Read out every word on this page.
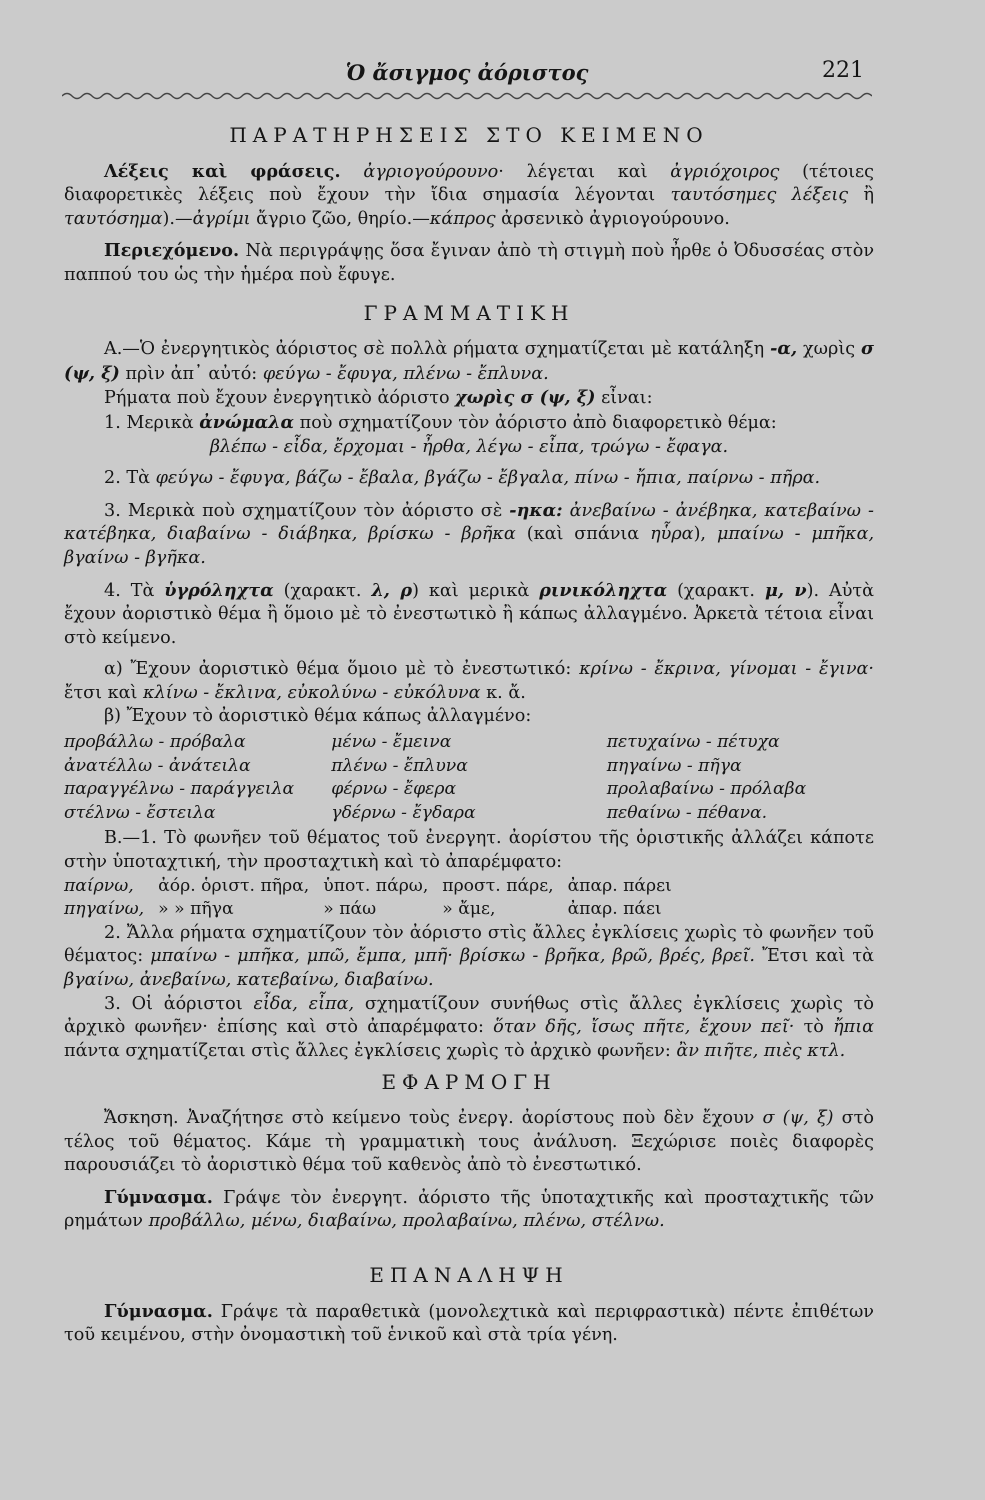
Ὁ ἄσιγμος ἀόριστος	221
ΠΑΡΑΤΗΡΗΣΕΙΣ ΣΤΟ ΚΕΙΜΕΝΟ

Λέξεις καὶ φράσεις. ἀγριογούρουνο· λέγεται καὶ ἀγριόχοιρος (τέτοιες διαφορετικὲς λέξεις ποὺ ἔχουν τὴν ἴδια σημασία λέγονται ταυτόσημες λέξεις ἢ ταυτόσημα).—ἀγρίμι ἄγριο ζῶο, θηρίο.—κάπρος ἀρσενικὸ ἀγριογούρουνο.

Περιεχόμενο. Νὰ περιγράψῃς ὅσα ἔγιναν ἀπὸ τὴ στιγμὴ ποὺ ἦρθε ὁ Ὀδυσσέας στὸν παππού του ὡς τὴν ἡμέρα ποὺ ἔφυγε.

ΓΡΑΜΜΑΤΙΚΗ

Α.—Ὁ ἐνεργητικὸς ἀόριστος σὲ πολλὰ ρήματα σχηματίζεται μὲ κατάληξη -α, χωρὶς σ (ψ, ξ) πρὶν ἀπ᾽ αὐτό: φεύγω - ἔφυγα, πλένω - ἔπλυνα.

Ρήματα ποὺ ἔχουν ἐνεργητικὸ ἀόριστο χωρὶς σ (ψ, ξ) εἶναι:

1. Μερικὰ ἀνώμαλα ποὺ σχηματίζουν τὸν ἀόριστο ἀπὸ διαφορετικὸ θέμα:

βλέπω - εἶδα, ἔρχομαι - ἦρθα, λέγω - εἶπα, τρώγω - ἔφαγα.

2. Τὰ φεύγω - ἔφυγα, βάζω - ἔβαλα, βγάζω - ἔβγαλα, πίνω - ἤπια, παίρνω - πῆρα.

3. Μερικὰ ποὺ σχηματίζουν τὸν ἀόριστο σὲ -ηκα: ἀνεβαίνω - ἀνέβηκα, κατεβαίνω - κατέβηκα, διαβαίνω - διάβηκα, βρίσκω - βρῆκα (καὶ σπάνια ηὗρα), μπαίνω - μπῆκα, βγαίνω - βγῆκα.

4. Τὰ ὑγρόληχτα (χαρακτ. λ, ρ) καὶ μερικὰ ρινικόληχτα (χαρακτ. μ, ν). Αὐτὰ ἔχουν ἀοριστικὸ θέμα ἢ ὅμοιο μὲ τὸ ἐνεστωτικὸ ἢ κάπως ἀλλαγμένο. Ἀρκετὰ τέτοια εἶναι στὸ κείμενο.

α) Ἔχουν ἀοριστικὸ θέμα ὅμοιο μὲ τὸ ἐνεστωτικό: κρίνω - ἔκρινα, γίνομαι - ἔγινα· ἔτσι καὶ κλίνω - ἔκλινα, εὐκολύνω - εὐκόλυνα κ. ἄ.

β) Ἔχουν τὸ ἀοριστικὸ θέμα κάπως ἀλλαγμένο:

προβάλλω - πρόβαλα	μένω - ἔμεινα	πετυχαίνω - πέτυχα
ἀνατέλλω - ἀνάτειλα	πλένω - ἔπλυνα	πηγαίνω - πῆγα
παραγγέλνω - παράγγειλα	φέρνω - ἔφερα	προλαβαίνω - πρόλαβα
στέλνω - ἔστειλα	γδέρνω - ἔγδαρα	πεθαίνω - πέθανα.

Β.—1. Τὸ φωνῆεν τοῦ θέματος τοῦ ἐνεργητ. ἀορίστου τῆς ὁριστικῆς ἀλλάζει κάποτε στὴν ὑποταχτική, τὴν προσταχτικὴ καὶ τὸ ἀπαρέμφατο:

παίρνω,	ἀόρ. ὁριστ. πῆρα,	ὑποτ. πάρω,	προστ. πάρε,	ἀπαρ. πάρει
πηγαίνω,	» » πῆγα	» πάω	» ἄμε,	ἀπαρ. πάει

2. Ἄλλα ρήματα σχηματίζουν τὸν ἀόριστο στὶς ἄλλες ἐγκλίσεις χωρὶς τὸ φωνῆεν τοῦ θέματος: μπαίνω - μπῆκα, μπῶ, ἔμπα, μπῆ· βρίσκω - βρῆκα, βρῶ, βρές, βρεῖ. Ἔτσι καὶ τὰ βγαίνω, ἀνεβαίνω, κατεβαίνω, διαβαίνω.

3. Οἱ ἀόριστοι εἶδα, εἶπα, σχηματίζουν συνήθως στὶς ἄλλες ἐγκλίσεις χωρὶς τὸ ἀρχικὸ φωνῆεν· ἐπίσης καὶ στὸ ἀπαρέμφατο: ὅταν δῆς, ἴσως πῆτε, ἔχουν πεῖ· τὸ ἤπια πάντα σχηματίζεται στὶς ἄλλες ἐγκλίσεις χωρὶς τὸ ἀρχικὸ φωνῆεν: ἂν πιῆτε, πιὲς κτλ.

ΕΦΑΡΜΟΓΗ

Ἄσκηση. Ἀναζήτησε στὸ κείμενο τοὺς ἐνεργ. ἀορίστους ποὺ δὲν ἔχουν σ (ψ, ξ) στὸ τέλος τοῦ θέματος. Κάμε τὴ γραμματικὴ τους ἀνάλυση. Ξεχώρισε ποιὲς διαφορὲς παρουσιάζει τὸ ἀοριστικὸ θέμα τοῦ καθενὸς ἀπὸ τὸ ἐνεστωτικό.

Γύμνασμα. Γράψε τὸν ἐνεργητ. ἀόριστο τῆς ὑποταχτικῆς καὶ προσταχτικῆς τῶν ρημάτων προβάλλω, μένω, διαβαίνω, προλαβαίνω, πλένω, στέλνω.

ΕΠΑΝΑΛΗΨΗ

Γύμνασμα. Γράψε τὰ παραθετικὰ (μονολεχτικὰ καὶ περιφραστικὰ) πέντε ἐπιθέτων τοῦ κειμένου, στὴν ὀνομαστικὴ τοῦ ἑνικοῦ καὶ στὰ τρία γένη.
